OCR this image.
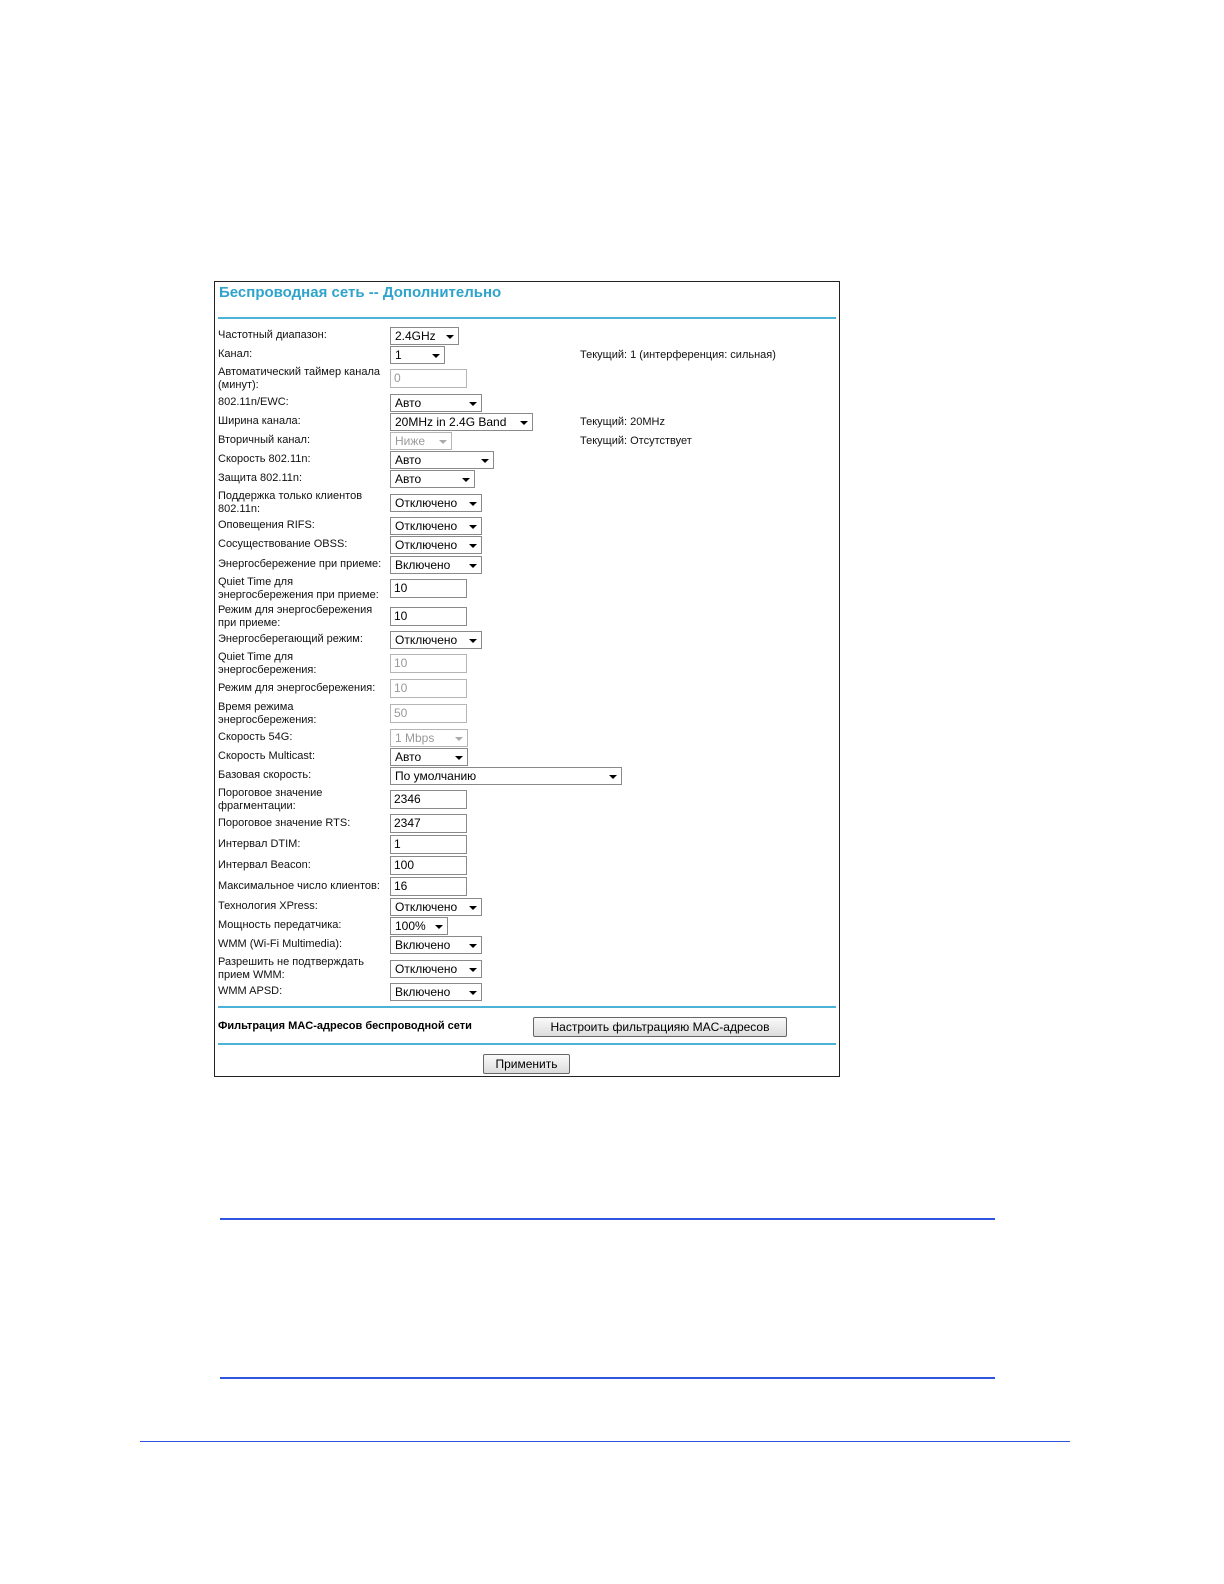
Беспроводная сеть -- Дополнительно
Частотный диапазон:	2.4GHz
Канал:	1	Текущий: 1 (интерференция: сильная)
Автоматический таймер канала
(минут):	0
802.11n/EWC:	Авто
Ширина канала:	20MHz in 2.4G Band	Текущий: 20MHz
Вторичный канал:	Ниже	Текущий: Отсутствует
Скорость 802.11n:	Авто
Защита 802.11n:	Авто
Поддержка только клиентов
802.11n:	Отключено
Оповещения RIFS:	Отключено
Сосуществование OBSS:	Отключено
Энергосбережение при приеме:	Включено
Quiet Time для
энергосбережения при приеме:	10
Режим для энергосбережения
при приеме:	10
Энергосберегающий режим:	Отключено
Quiet Time для
энергосбережения:	10
Режим для энергосбережения:	10
Время режима
энергосбережения:	50
Скорость 54G:	1 Mbps
Скорость Multicast:	Авто
Базовая скорость:	По умолчанию
Пороговое значение
фрагментации:	2346
Пороговое значение RTS:	2347
Интервал DTIM:	1
Интервал Beacon:	100
Максимальное число клиентов:	16
Технология XPress:	Отключено
Мощность передатчика:	100%
WMM (Wi-Fi Multimedia):	Включено
Разрешить не подтверждать
прием WMM:	Отключено
WMM APSD:	Включено
Фильтрация MAC-адресов беспроводной сети	Настроить фильтрацияю MAC-адресов
Применить
